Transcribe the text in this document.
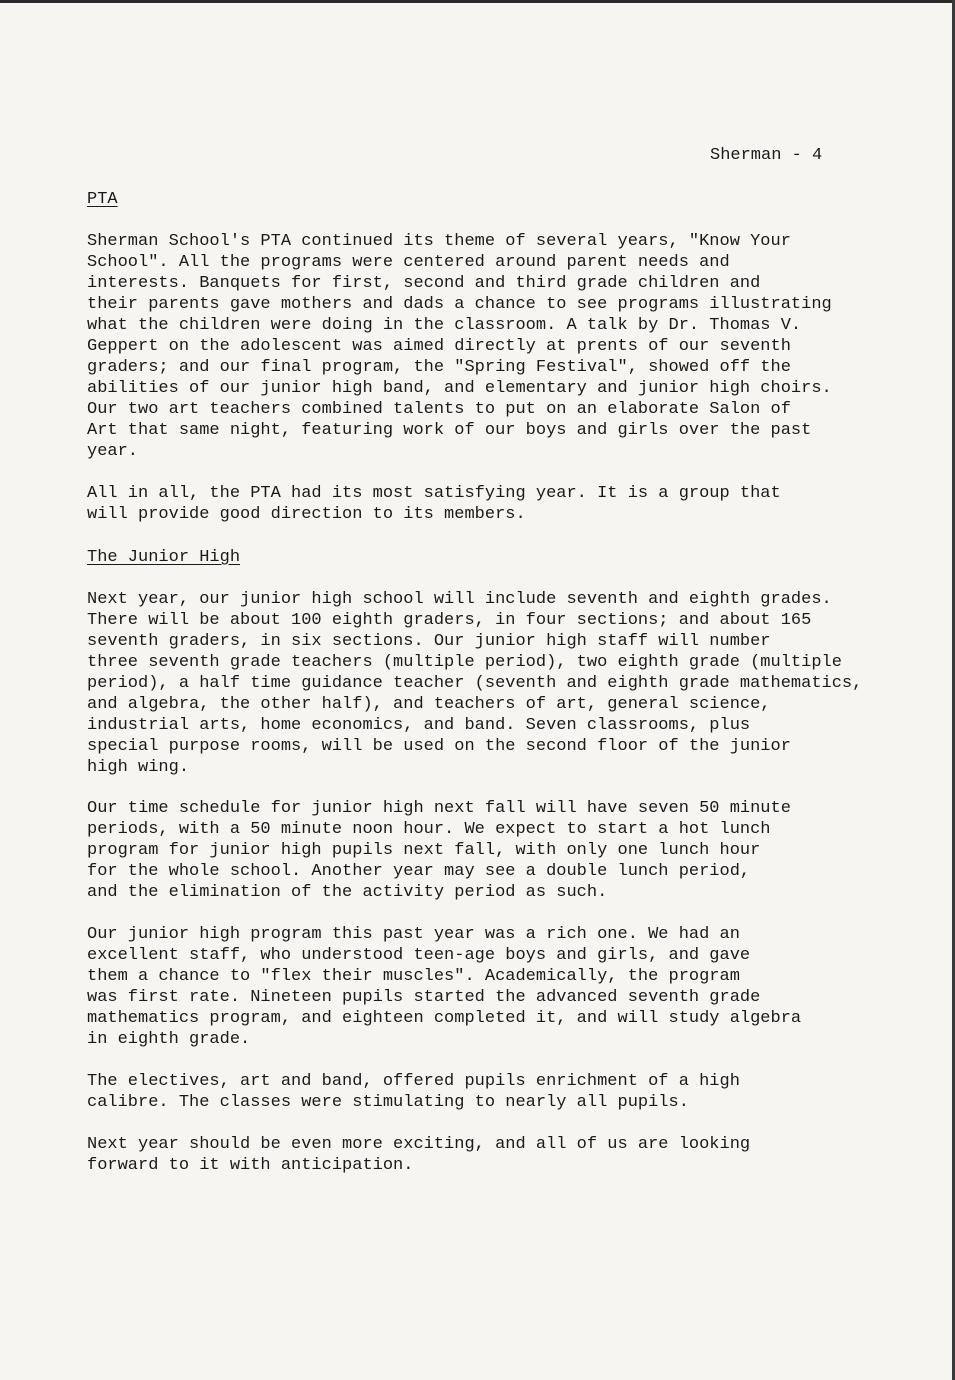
Sherman - 4
PTA
Sherman School's PTA continued its theme of several years, "Know Your
School". All the programs were centered around parent needs and
interests. Banquets for first, second and third grade children and
their parents gave mothers and dads a chance to see programs illustrating
what the children were doing in the classroom. A talk by Dr. Thomas V.
Geppert on the adolescent was aimed directly at prents of our seventh
graders; and our final program, the "Spring Festival", showed off the
abilities of our junior high band, and elementary and junior high choirs.
Our two art teachers combined talents to put on an elaborate Salon of
Art that same night, featuring work of our boys and girls over the past
year.
All in all, the PTA had its most satisfying year. It is a group that
will provide good direction to its members.
The Junior High
Next year, our junior high school will include seventh and eighth grades.
There will be about 100 eighth graders, in four sections; and about 165
seventh graders, in six sections. Our junior high staff will number
three seventh grade teachers (multiple period), two eighth grade (multiple
period), a half time guidance teacher (seventh and eighth grade mathematics,
and algebra, the other half), and teachers of art, general science,
industrial arts, home economics, and band. Seven classrooms, plus
special purpose rooms, will be used on the second floor of the junior
high wing.
Our time schedule for junior high next fall will have seven 50 minute
periods, with a 50 minute noon hour. We expect to start a hot lunch
program for junior high pupils next fall, with only one lunch hour
for the whole school. Another year may see a double lunch period,
and the elimination of the activity period as such.
Our junior high program this past year was a rich one. We had an
excellent staff, who understood teen-age boys and girls, and gave
them a chance to "flex their muscles". Academically, the program
was first rate. Nineteen pupils started the advanced seventh grade
mathematics program, and eighteen completed it, and will study algebra
in eighth grade.
The electives, art and band, offered pupils enrichment of a high
calibre. The classes were stimulating to nearly all pupils.
Next year should be even more exciting, and all of us are looking
forward to it with anticipation.
